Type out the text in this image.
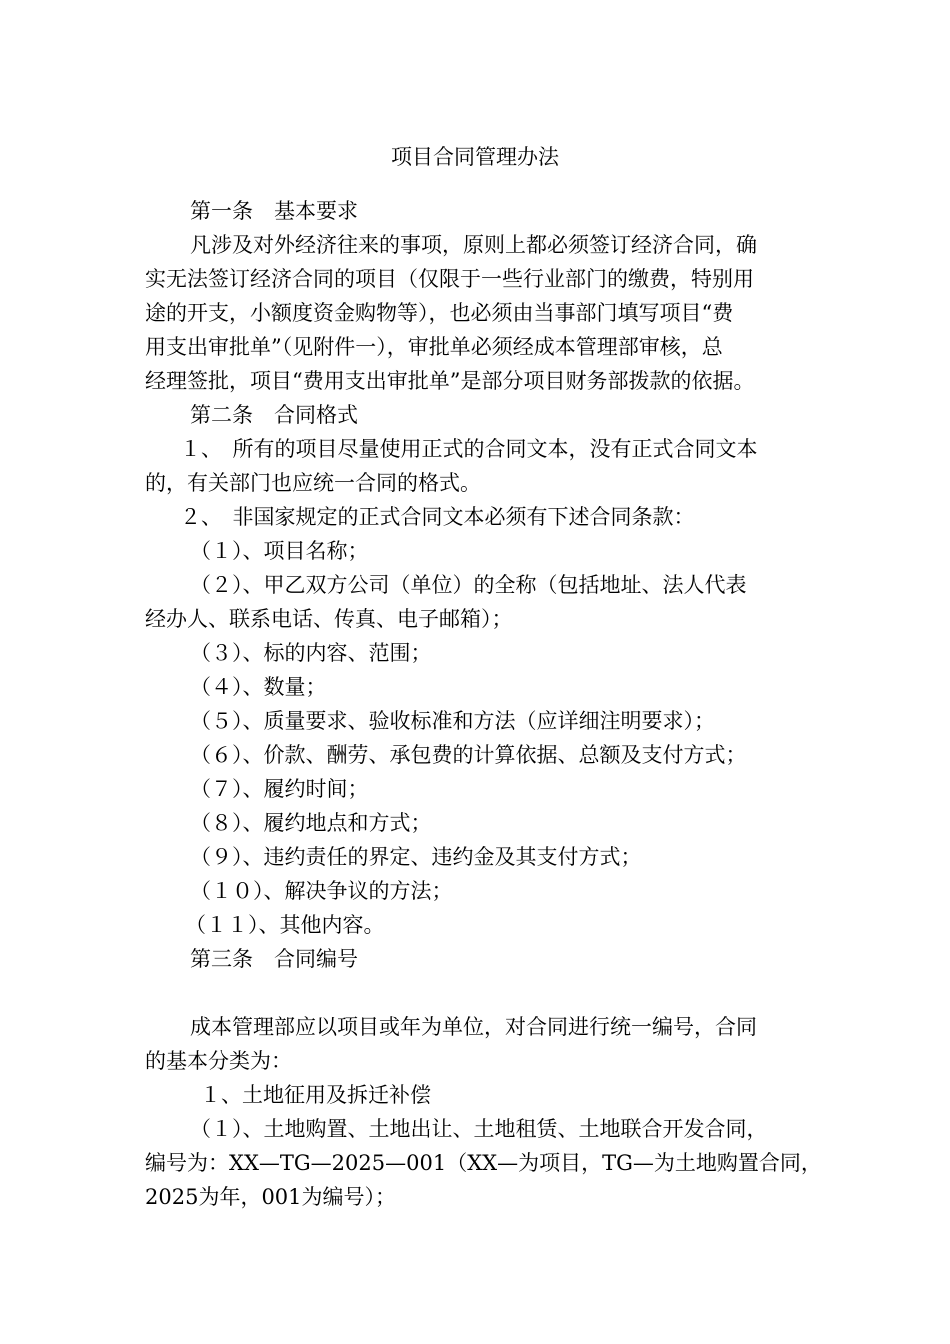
项目合同管理办法

第一条　基本要求

凡涉及对外经济往来的事项，原则上都必须签订经济合同，确

实无法签订经济合同的项目（仅限于一些行业部门的缴费，特别用

途的开支，小额度资金购物等），也必须由当事部门填写项目“费

用支出审批单”（见附件一），审批单必须经成本管理部审核，总

经理签批，项目“费用支出审批单”是部分项目财务部拨款的依据。

第二条　合同格式

１、　所有的项目尽量使用正式的合同文本，没有正式合同文本

的，有关部门也应统一合同的格式。

２、　非国家规定的正式合同文本必须有下述合同条款：

（１）、项目名称；

（２）、甲乙双方公司（单位）的全称（包括地址、法人代表

经办人、联系电话、传真、电子邮箱）；

（３）、标的内容、范围；

（４）、数量；

（５）、质量要求、验收标准和方法（应详细注明要求）；

（６）、价款、酬劳、承包费的计算依据、总额及支付方式；

（７）、履约时间；

（８）、履约地点和方式；

（９）、违约责任的界定、违约金及其支付方式；

（１０）、解决争议的方法；

（１１）、其他内容。

第三条　合同编号

成本管理部应以项目或年为单位，对合同进行统一编号，合同

的基本分类为：

１、土地征用及拆迁补偿

（１）、土地购置、土地出让、土地租赁、土地联合开发合同，

编号为：XX—TG—2025—001（XX—为项目，TG—为土地购置合同，

2025为年，001为编号）；
